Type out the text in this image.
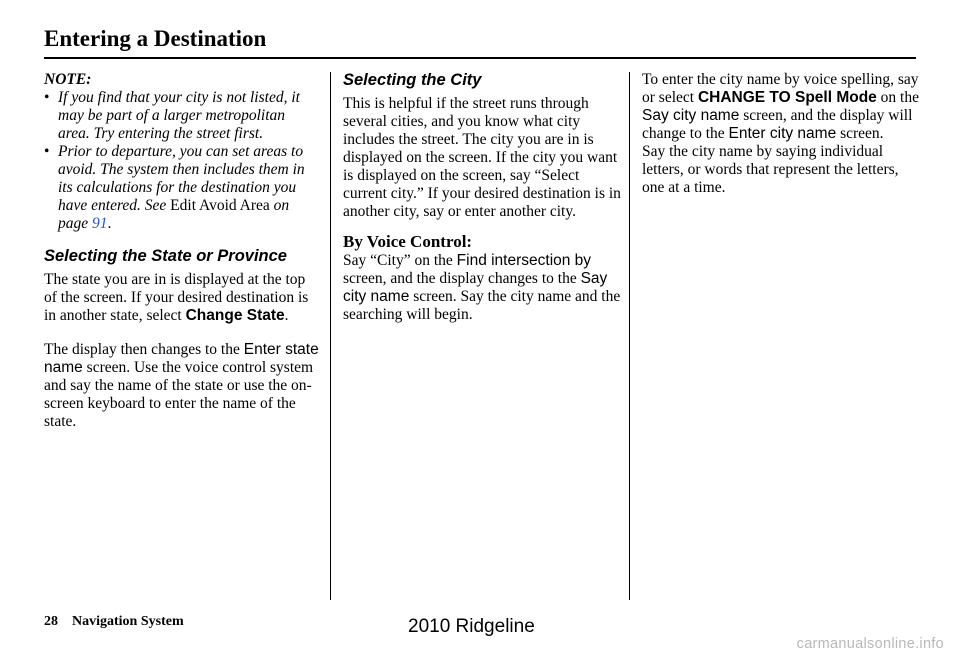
Entering a Destination
NOTE:
• If you find that your city is not listed, it may be part of a larger metropolitan area. Try entering the street first.
• Prior to departure, you can set areas to avoid. The system then includes them in its calculations for the destination you have entered. See Edit Avoid Area on page 91.
Selecting the State or Province

The state you are in is displayed at the top of the screen. If your desired destination is in another state, select Change State.

The display then changes to the Enter state name screen. Use the voice control system and say the name of the state or use the on-screen keyboard to enter the name of the state.

Selecting the City

This is helpful if the street runs through several cities, and you know what city includes the street. The city you are in is displayed on the screen. If the city you want is displayed on the screen, say “Select current city.” If your desired destination is in another city, say or enter another city.

By Voice Control:

Say “City” on the Find intersection by screen, and the display changes to the Say city name screen. Say the city name and the searching will begin.

To enter the city name by voice spelling, say or select CHANGE TO Spell Mode on the Say city name screen, and the display will change to the Enter city name screen.

Say the city name by saying individual letters, or words that represent the letters, one at a time.

28 Navigation System	2010 Ridgeline
carmanualsonline.info
